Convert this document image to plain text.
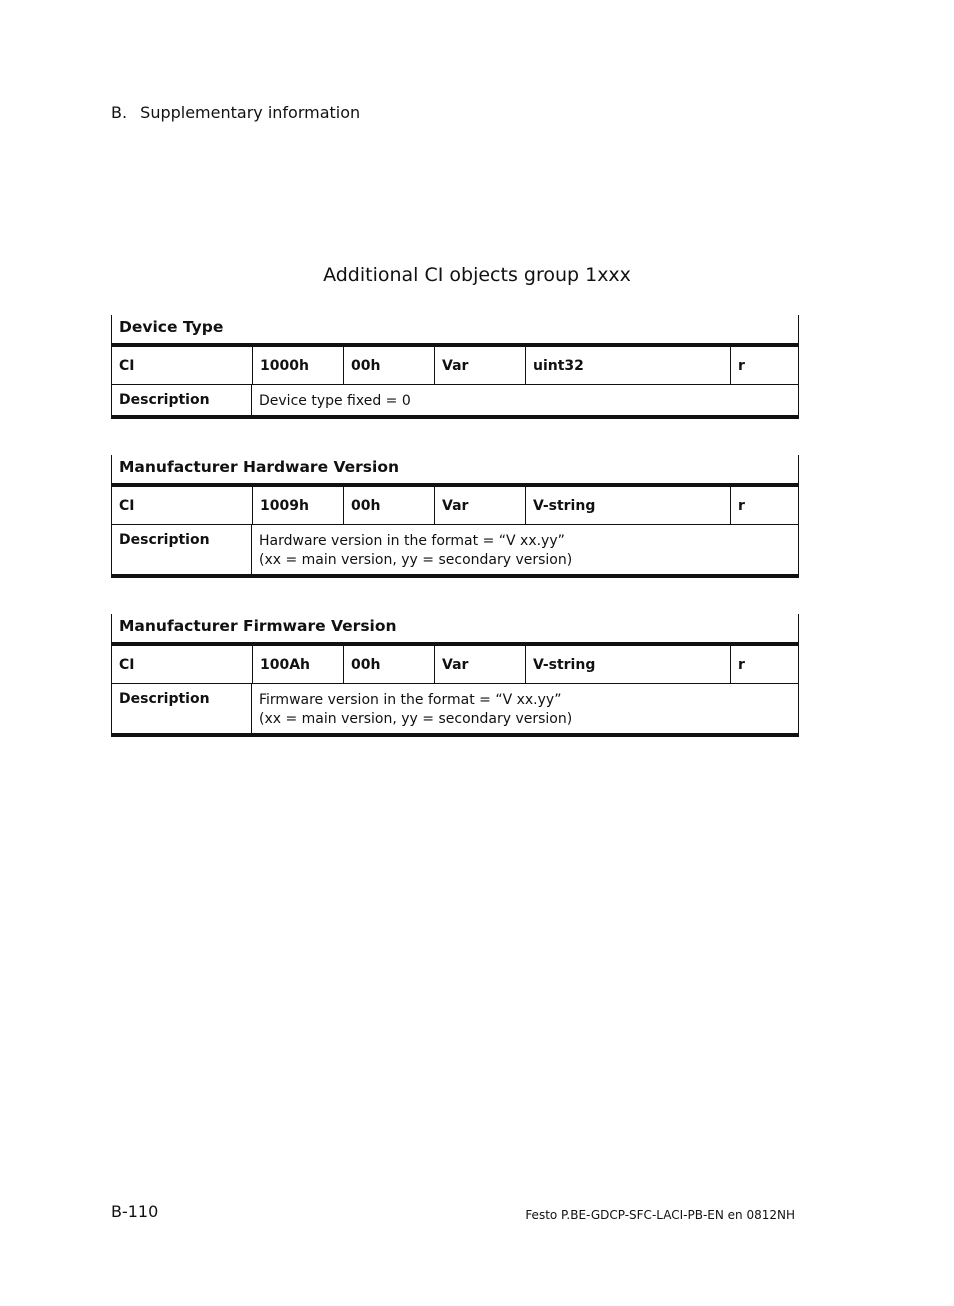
B. Supplementary information
Additional CI objects group 1xxx
Device Type
CI	1000h	00h	Var	uint32	r
Description	Device type fixed = 0
Manufacturer Hardware Version
CI	1009h	00h	Var	V-string	r
Description	Hardware version in the format = “V xx.yy”
(xx = main version, yy = secondary version)
Manufacturer Firmware Version
CI	100Ah	00h	Var	V-string	r
Description	Firmware version in the format = “V xx.yy”
(xx = main version, yy = secondary version)
B-110	Festo P.BE-GDCP-SFC-LACI-PB-EN en 0812NH
